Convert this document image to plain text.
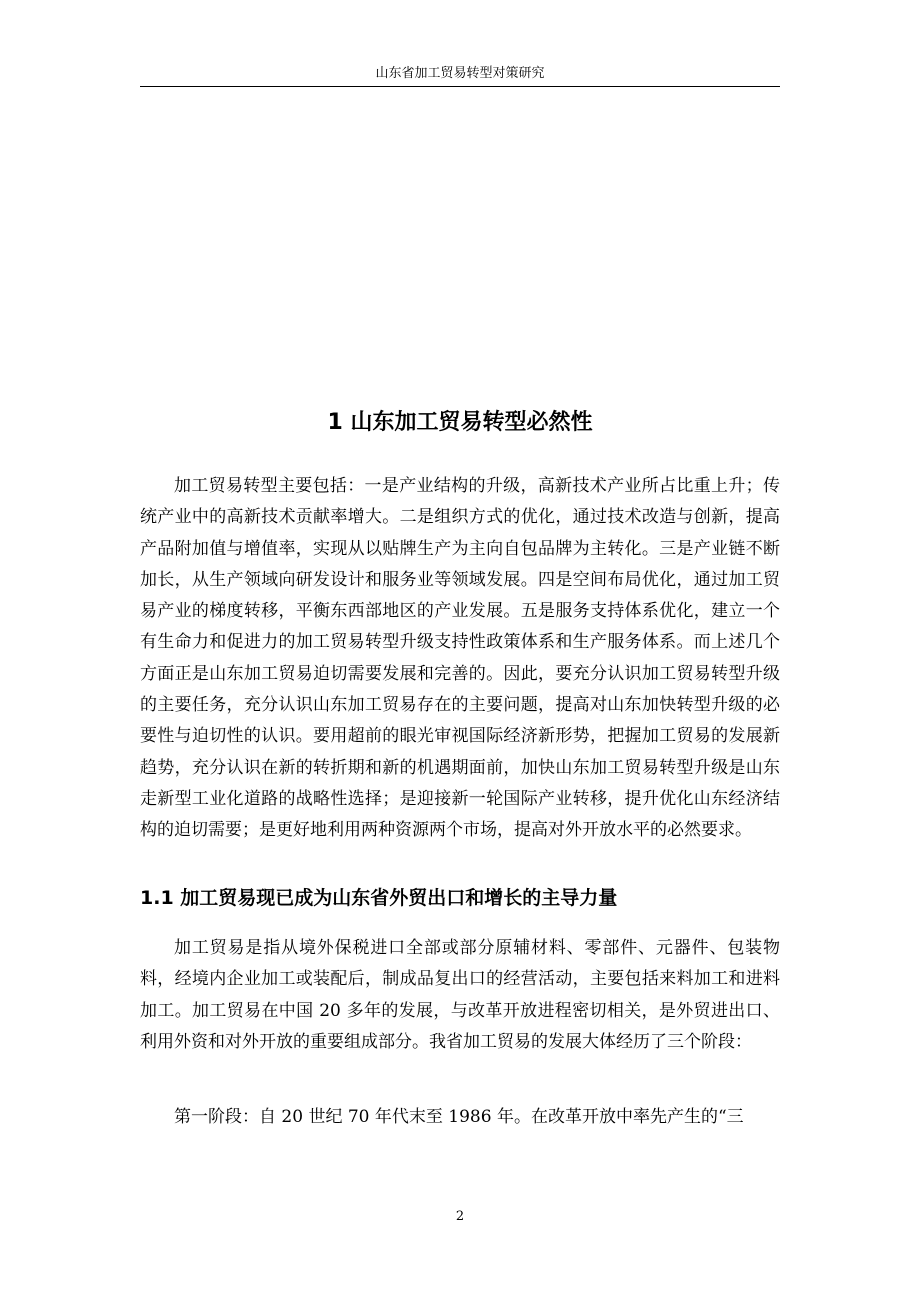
山东省加工贸易转型对策研究
1 山东加工贸易转型必然性

加工贸易转型主要包括：一是产业结构的升级，高新技术产业所占比重上升；传统产业中的高新技术贡献率增大。二是组织方式的优化，通过技术改造与创新，提高产品附加值与增值率，实现从以贴牌生产为主向自包品牌为主转化。三是产业链不断加长，从生产领域向研发设计和服务业等领域发展。四是空间布局优化，通过加工贸易产业的梯度转移，平衡东西部地区的产业发展。五是服务支持体系优化，建立一个有生命力和促进力的加工贸易转型升级支持性政策体系和生产服务体系。而上述几个方面正是山东加工贸易迫切需要发展和完善的。因此，要充分认识加工贸易转型升级的主要任务，充分认识山东加工贸易存在的主要问题，提高对山东加快转型升级的必要性与迫切性的认识。要用超前的眼光审视国际经济新形势，把握加工贸易的发展新趋势，充分认识在新的转折期和新的机遇期面前，加快山东加工贸易转型升级是山东走新型工业化道路的战略性选择；是迎接新一轮国际产业转移，提升优化山东经济结构的迫切需要；是更好地利用两种资源两个市场，提高对外开放水平的必然要求。

1.1 加工贸易现已成为山东省外贸出口和增长的主导力量

加工贸易是指从境外保税进口全部或部分原辅材料、零部件、元器件、包装物料，经境内企业加工或装配后，制成品复出口的经营活动，主要包括来料加工和进料加工。加工贸易在中国 20 多年的发展，与改革开放进程密切相关，是外贸进出口、利用外资和对外开放的重要组成部分。我省加工贸易的发展大体经历了三个阶段：

第一阶段：自 20 世纪 70 年代末至 1986 年。在改革开放中率先产生的“三

2
